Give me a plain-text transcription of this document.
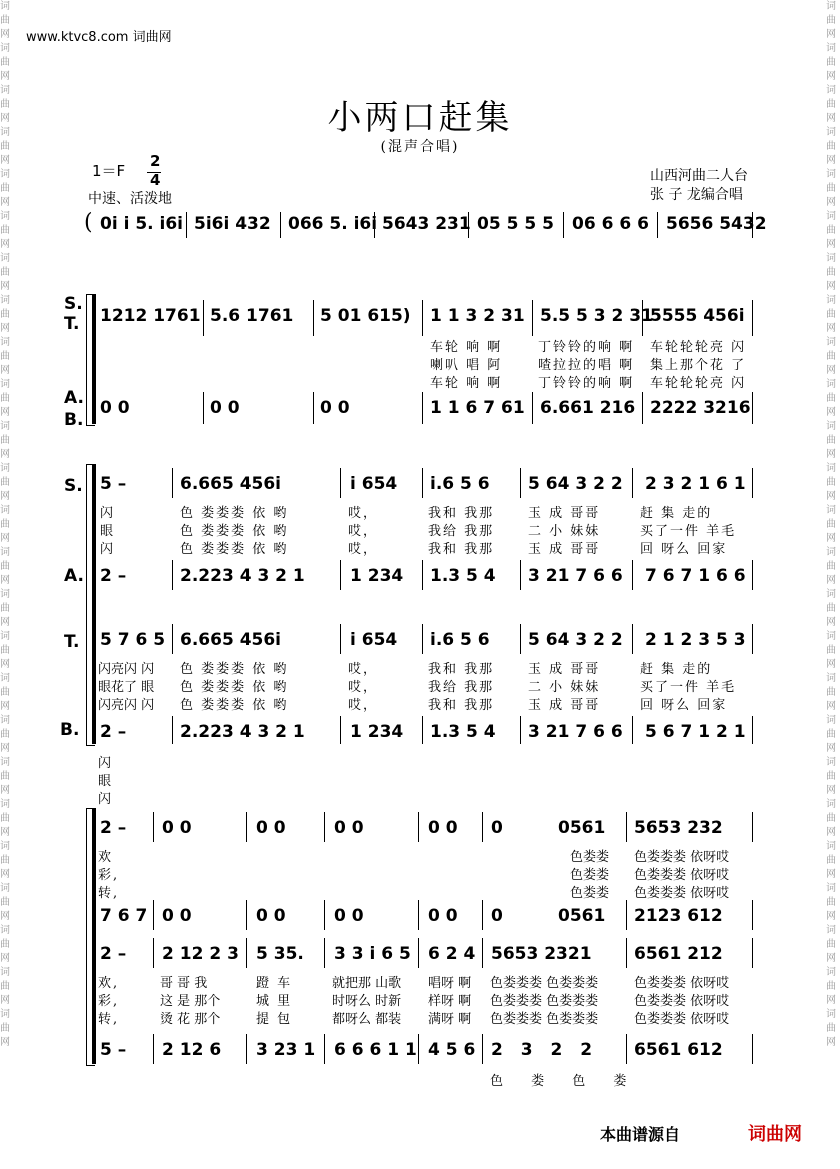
词曲网词曲网词曲网词曲网词曲网词曲网词曲网词曲网词曲网词曲网词曲网词曲网词曲网词曲网词曲网词曲网词曲网词曲网词曲网词曲网词曲网词曲网词曲网词曲网词曲网
词曲网词曲网词曲网词曲网词曲网词曲网词曲网词曲网词曲网词曲网词曲网词曲网词曲网词曲网词曲网词曲网词曲网词曲网词曲网词曲网词曲网词曲网词曲网词曲网词曲网
www.ktvc8.com 词曲网
小两口赶集
(混声合唱)
1＝F
2
4
中速、活泼地
山西河曲二人台
张 子 龙编合唱
( 0i i 5. i6i 5i6i 432 066 5. i6i 5643 231 05 5 5 5 06 6 6 6 5656 5432
S.
T.
A.
B.
1212 1761 5.6 1761 5 01 615) 1 1 3 2 31 5.5 5 3 2 31
5555 456i
车轮 响 啊	丁铃铃的响 啊 车轮轮轮亮 闪
喇叭 唱 阿	喳拉拉的唱 啊 集上那个花 了
车轮 响 啊	丁铃铃的响 啊 车轮轮轮亮 闪
0 0	0 0	0 0	1 1 6 7 61 6.661 216 2222 3216
S.
A.
T.
B.
5 –	6.665 456i	i 654 i.6 5 6 5 64 3 2 2 2 3 2 1 6 1
闪	色 娄娄娄 依 哟	哎，	我和 我那	玉 成 哥哥	赶 集 走的
眼	色 娄娄娄 依 哟	哎，	我给 我那	二 小 妹妹	买了一件 羊毛
闪	色 娄娄娄 依 哟	哎，	我和 我那	玉 成 哥哥	回 呀么 回家
2 –	2.223 4 3 2 1	1 234 1.3 5 4 3 21 7 6 6 7 6 7 1 6 6
5 7 6 5 6.665 456i	i 654 i.6 5 6 5 64 3 2 2 2 1 2 3 5 3
闪亮闪 闪 色 娄娄娄 依 哟	哎，	我和 我那	玉 成 哥哥	赶 集 走的
眼花了 眼 色 娄娄娄 依 哟	哎，	我给 我那	二 小 妹妹	买了一件 羊毛
闪亮闪 闪 色 娄娄娄 依 哟	哎，	我和 我那	玉 成 哥哥	回 呀么 回家
2 –	2.223 4 3 2 1	1 234 1.3 5 4 3 21 7 6 6 5 6 7 1 2 1
闪
眼
闪
2 – 0 0	0 0	0 0	0 0 0	0561 5653 232
欢	色娄娄 色娄娄娄 依呀哎
彩,	色娄娄 色娄娄娄 依呀哎
转,	色娄娄 色娄娄娄 依呀哎
7 6 7 0 0	0 0	0 0	0 0 0	0561 2123 612
2 – 2 12 2 3 5 35. 3 3 i 6 5 6 2 4 5653 2321 6561 212
欢,	哥 哥 我	蹬 车	就把那 山歌 唱呀 啊 色娄娄娄 色娄娄娄	色娄娄娄 依呀哎
彩,	这 是 那个	城 里	时呀么 时新 样呀 啊 色娄娄娄 色娄娄娄	色娄娄娄 依呀哎
转,	烫 花 那个	提 包	都呀么 都装 满呀 啊 色娄娄娄 色娄娄娄	色娄娄娄 依呀哎
5 – 2 12 6 3 23 1 6 6 6 1 1 4 5 6 2 3 2 2 6561 612
色 娄 色 娄
本曲谱源自	词曲网
